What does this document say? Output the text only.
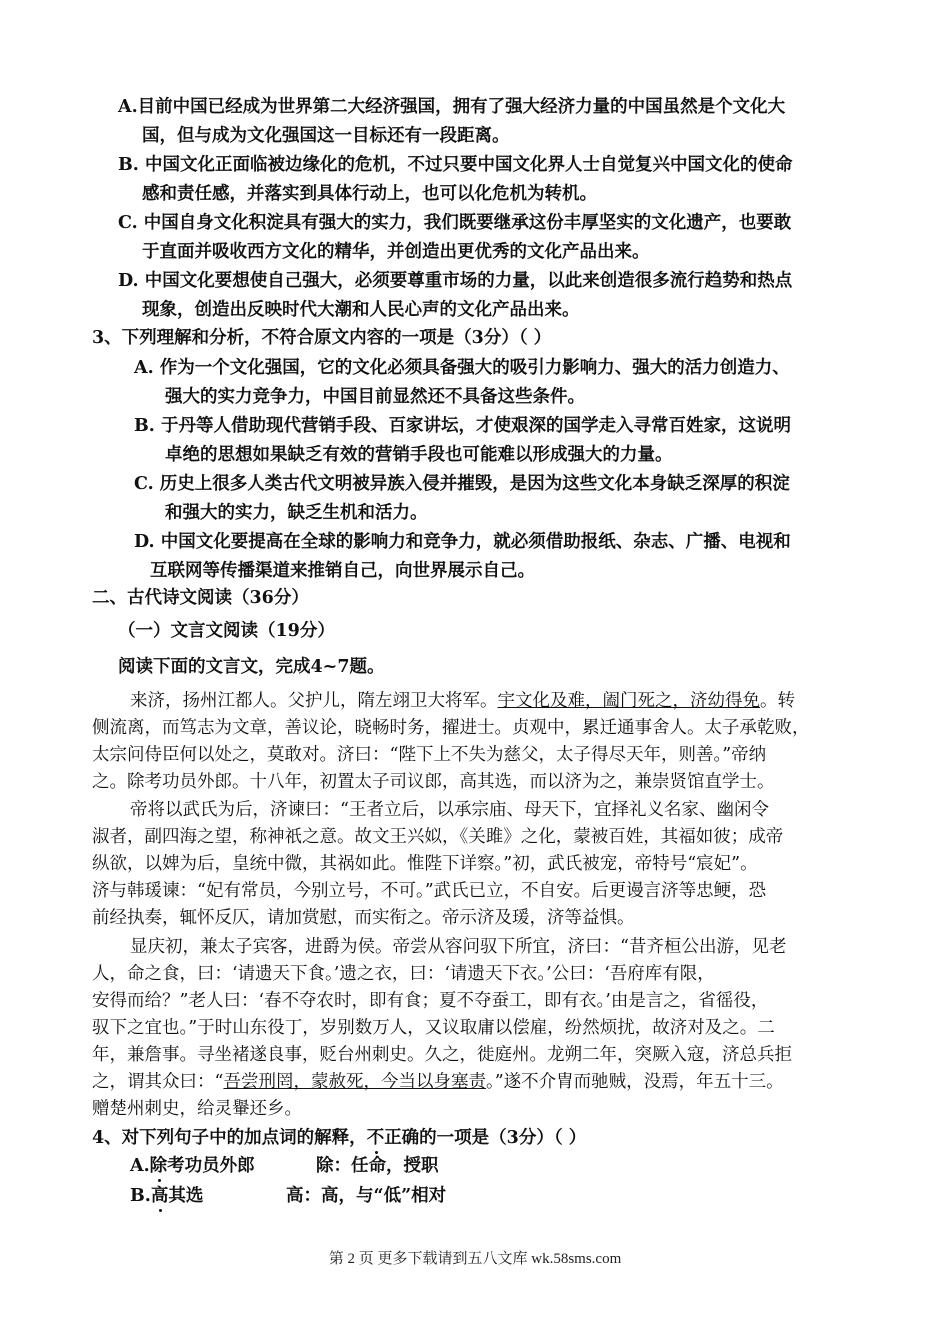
A.目前中国已经成为世界第二大经济强国，拥有了强大经济力量的中国虽然是个文化大
国，但与成为文化强国这一目标还有一段距离。
B. 中国文化正面临被边缘化的危机，不过只要中国文化界人士自觉复兴中国文化的使命
感和责任感，并落实到具体行动上，也可以化危机为转机。
C. 中国自身文化积淀具有强大的实力，我们既要继承这份丰厚坚实的文化遗产，也要敢
于直面并吸收西方文化的精华，并创造出更优秀的文化产品出来。
D. 中国文化要想使自己强大，必须要尊重市场的力量，以此来创造很多流行趋势和热点
现象，创造出反映时代大潮和人民心声的文化产品出来。
3、下列理解和分析，不符合原文内容的一项是（3分）（ ）
A. 作为一个文化强国，它的文化必须具备强大的吸引力影响力、强大的活力创造力、
强大的实力竞争力，中国目前显然还不具备这些条件。
B. 于丹等人借助现代营销手段、百家讲坛，才使艰深的国学走入寻常百姓家，这说明
卓绝的思想如果缺乏有效的营销手段也可能难以形成强大的力量。
C. 历史上很多人类古代文明被异族入侵并摧毁，是因为这些文化本身缺乏深厚的积淀
和强大的实力，缺乏生机和活力。
D. 中国文化要提高在全球的影响力和竞争力，就必须借助报纸、杂志、广播、电视和
互联网等传播渠道来推销自己，向世界展示自己。
二、古代诗文阅读（36分）
（一）文言文阅读（19分）
阅读下面的文言文，完成4~7题。
来济，扬州江都人。父护儿，隋左翊卫大将军。宇文化及难，阖门死之，济幼得免。转
侧流离，而笃志为文章，善议论，晓畅时务，擢进士。贞观中，累迁通事舍人。太子承乾败，
太宗问侍臣何以处之，莫敢对。济曰：“陛下上不失为慈父，太子得尽天年，则善。”帝纳
之。除考功员外郎。十八年，初置太子司议郎，高其选，而以济为之，兼崇贤馆直学士。
帝将以武氏为后，济谏曰：“王者立后，以承宗庙、母天下，宜择礼义名家、幽闲令
淑者，副四海之望，称神祇之意。故文王兴姒，《关雎》之化，蒙被百姓，其福如彼；成帝
纵欲，以婢为后，皇统中微，其祸如此。惟陛下详察。”初，武氏被宠，帝特号“宸妃”。
济与韩瑗谏：“妃有常员，今别立号，不可。”武氏已立，不自安。后更谩言济等忠鲠，恐
前经执奏，辄怀反仄，请加赏慰，而实衔之。帝示济及瑗，济等益惧。
显庆初，兼太子宾客，进爵为侯。帝尝从容问驭下所宜，济曰：“昔齐桓公出游，见老
人，命之食，曰：‘请遗天下食。’遗之衣，曰：‘请遗天下衣。’公曰：‘吾府库有限，
安得而给？”老人曰：‘春不夺农时，即有食；夏不夺蚕工，即有衣。’由是言之，省徭役，
驭下之宜也。”于时山东役丁，岁别数万人，又议取庸以偿雇，纷然烦扰，故济对及之。二
年，兼詹事。寻坐褚遂良事，贬台州刺史。久之，徙庭州。龙朔二年，突厥入寇，济总兵拒
之，谓其众曰：“吾尝刑罔，蒙赦死，今当以身塞责。”遂不介胄而驰贼，没焉，年五十三。
赠楚州刺史，给灵轝还乡。
4、对下列句子中的加点词的解释，不正确的一项是（3分）（ ）
A.除考功员外郎	除：任命，授职
B.高其选	高：高，与“低”相对
第 2 页 更多下载请到五八文库 wk.58sms.com
